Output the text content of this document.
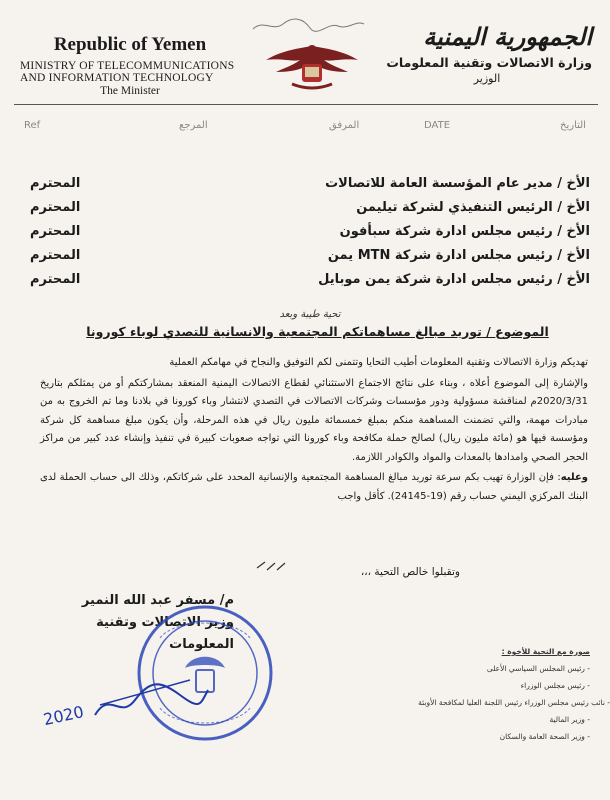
Republic of Yemen
MINISTRY OF TELECOMMUNICATIONS
AND INFORMATION TECHNOLOGY
The Minister
الجمهورية اليمنية
وزارة الاتصالات وتقنية المعلومات
الوزير
Ref	المرجع	المرفق	DATE	التاريخ
الأخ / مدير عام المؤسسة العامة للاتصالات
المحترم
الأخ / الرئيس التنفيذي لشركة تيليمن
المحترم
الأخ / رئيس مجلس ادارة شركة سبأفون
المحترم
الأخ / رئيس مجلس ادارة شركة MTN يمن
المحترم
الأخ / رئيس مجلس ادارة شركة يمن موبايل
المحترم
تحية طيبة وبعد
الموضوع / توريد مبالغ مساهماتكم المجتمعية والانسانية للتصدي لوباء كورونا

تهديكم وزارة الاتصالات وتقنية المعلومات أطيب التحايا وتتمنى لكم التوفيق والنجاح في مهامكم العملية

والإشارة إلى الموضوع أعلاه ، وبناء على نتائج الاجتماع الاستثنائي لقطاع الاتصالات اليمنية المنعقد بمشاركتكم أو من يمثلكم بتاريخ 2020/3/31م لمناقشة مسؤولية ودور مؤسسات وشركات الاتصالات في التصدي لانتشار وباء كورونا في بلادنا وما تم الخروج به من مبادرات مهمة، والتي تضمنت المساهمة منكم بمبلغ خمسمائة مليون ريال في هذه المرحلة، وأن يكون مبلغ مساهمة كل شركة ومؤسسة فيها هو (مائة مليون ريال) لصالح حملة مكافحة وباء كورونا التي تواجه صعوبات كبيرة في تنفيذ وإنشاء عدد كبير من مراكز الحجر الصحي وامدادها بالمعدات والمواد والكوادر اللازمة.

وعليه: فإن الوزارة تهيب بكم سرعة توريد مبالغ المساهمة المجتمعية والإنسانية المحدد على شركاتكم، وذلك الى حساب الحملة لدى البنك المركزي اليمني حساب رقم (19-24145). كأقل واجب

وتقبلوا خالص التحية ،،،
م/ مسفر عبد الله النمير
وزير الاتصالات وتقنية المعلومات
2020
صورة مع التحية للأخوة :
- رئيس المجلس السياسي الأعلى
- رئيس مجلس الوزراء
- نائب رئيس مجلس الوزراء رئيس اللجنة العليا لمكافحة الأوبئة
- وزير المالية
- وزير الصحة العامة والسكان
